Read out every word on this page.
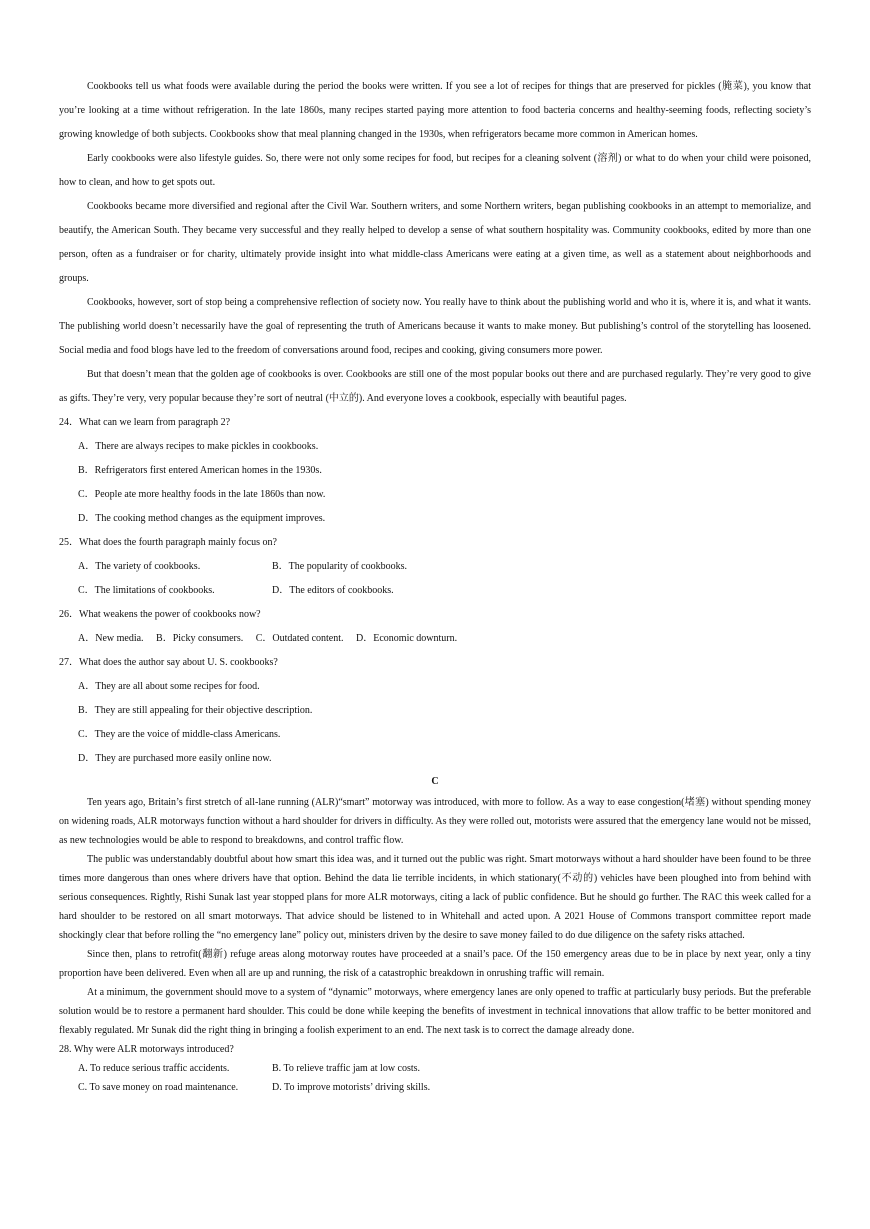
Cookbooks tell us what foods were available during the period the books were written. If you see a lot of recipes for things that are preserved for pickles (腌菜), you know that you’re looking at a time without refrigeration. In the late 1860s, many recipes started paying more attention to food bacteria concerns and healthy-seeming foods, reflecting society’s growing knowledge of both subjects. Cookbooks show that meal planning changed in the 1930s, when refrigerators became more common in American homes.

Early cookbooks were also lifestyle guides. So, there were not only some recipes for food, but recipes for a cleaning solvent (溶剂) or what to do when your child were poisoned, how to clean, and how to get spots out.

Cookbooks became more diversified and regional after the Civil War. Southern writers, and some Northern writers, began publishing cookbooks in an attempt to memorialize, and beautify, the American South. They became very successful and they really helped to develop a sense of what southern hospitality was. Community cookbooks, edited by more than one person, often as a fundraiser or for charity, ultimately provide insight into what middle-class Americans were eating at a given time, as well as a statement about neighborhoods and groups.

Cookbooks, however, sort of stop being a comprehensive reflection of society now. You really have to think about the publishing world and who it is, where it is, and what it wants. The publishing world doesn’t necessarily have the goal of representing the truth of Americans because it wants to make money. But publishing’s control of the storytelling has loosened. Social media and food blogs have led to the freedom of conversations around food, recipes and cooking, giving consumers more power.

But that doesn’t mean that the golden age of cookbooks is over. Cookbooks are still one of the most popular books out there and are purchased regularly. They’re very good to give as gifts. They’re very, very popular because they’re sort of neutral (中立的). And everyone loves a cookbook, especially with beautiful pages.

24．What can we learn from paragraph 2?

A．There are always recipes to make pickles in cookbooks.

B．Refrigerators first entered American homes in the 1930s.

C．People ate more healthy foods in the late 1860s than now.

D．The cooking method changes as the equipment improves.

25．What does the fourth paragraph mainly focus on?

A．The variety of cookbooks.	B．The popularity of cookbooks.
C．The limitations of cookbooks.	D．The editors of cookbooks.

26．What weakens the power of cookbooks now?

A．New media. B．Picky consumers. C．Outdated content. D．Economic downturn.

27．What does the author say about U. S. cookbooks?

A．They are all about some recipes for food.

B．They are still appealing for their objective description.

C．They are the voice of middle-class Americans.

D．They are purchased more easily online now.

C

Ten years ago, Britain’s first stretch of all-lane running (ALR)“smart” motorway was introduced, with more to follow. As a way to ease congestion(堵塞) without spending money on widening roads, ALR motorways function without a hard shoulder for drivers in difficulty. As they were rolled out, motorists were assured that the emergency lane would not be missed, as new technologies would be able to respond to breakdowns, and control traffic flow.

The public was understandably doubtful about how smart this idea was, and it turned out the public was right. Smart motorways without a hard shoulder have been found to be three times more dangerous than ones where drivers have that option. Behind the data lie terrible incidents, in which stationary(不动的) vehicles have been ploughed into from behind with serious consequences. Rightly, Rishi Sunak last year stopped plans for more ALR motorways, citing a lack of public confidence. But he should go further. The RAC this week called for a hard shoulder to be restored on all smart motorways. That advice should be listened to in Whitehall and acted upon. A 2021 House of Commons transport committee report made shockingly clear that before rolling the “no emergency lane” policy out, ministers driven by the desire to save money failed to do due diligence on the safety risks attached.

Since then, plans to retrofit(翻新) refuge areas along motorway routes have proceeded at a snail’s pace. Of the 150 emergency areas due to be in place by next year, only a tiny proportion have been delivered. Even when all are up and running, the risk of a catastrophic breakdown in onrushing traffic will remain.

At a minimum, the government should move to a system of “dynamic” motorways, where emergency lanes are only opened to traffic at particularly busy periods. But the preferable solution would be to restore a permanent hard shoulder. This could be done while keeping the benefits of investment in technical innovations that allow traffic to be better monitored and flexably regulated. Mr Sunak did the right thing in bringing a foolish experiment to an end. The next task is to correct the damage already done.

28. Why were ALR motorways introduced?

A. To reduce serious traffic accidents.	B. To relieve traffic jam at low costs.
C. To save money on road maintenance.	D. To improve motorists’ driving skills.
